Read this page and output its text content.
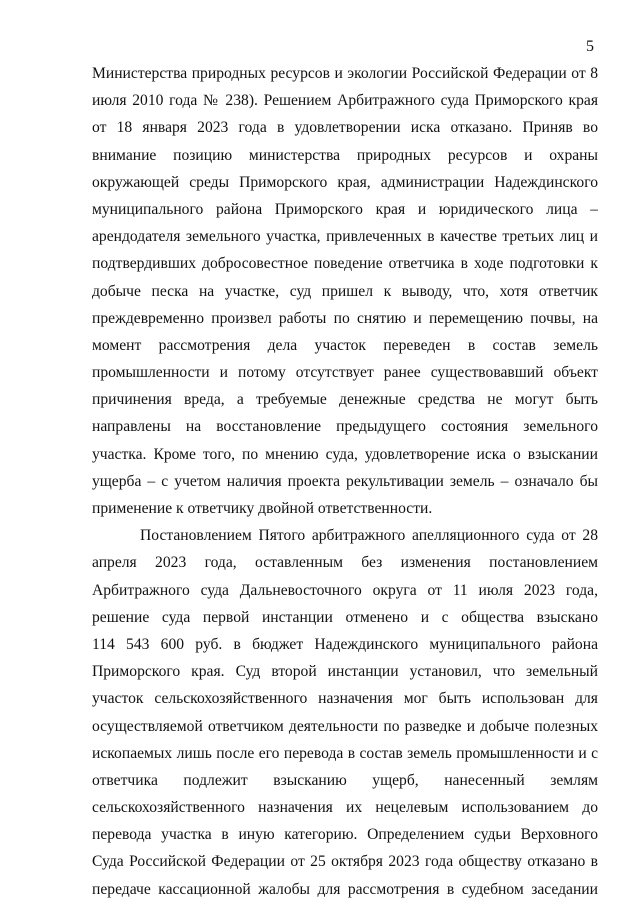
5
Министерства природных ресурсов и экологии Российской Федерации от 8
июля 2010 года № 238). Решением Арбитражного суда Приморского края
от 18 января 2023 года в удовлетворении иска отказано. Приняв во
внимание позицию министерства природных ресурсов и охраны
окружающей среды Приморского края, администрации Надеждинского
муниципального района Приморского края и юридического лица –
арендодателя земельного участка, привлеченных в качестве третьих лиц и
подтвердивших добросовестное поведение ответчика в ходе подготовки к
добыче песка на участке, суд пришел к выводу, что, хотя ответчик
преждевременно произвел работы по снятию и перемещению почвы, на
момент рассмотрения дела участок переведен в состав земель
промышленности и потому отсутствует ранее существовавший объект
причинения вреда, а требуемые денежные средства не могут быть
направлены на восстановление предыдущего состояния земельного
участка. Кроме того, по мнению суда, удовлетворение иска о взыскании
ущерба – с учетом наличия проекта рекультивации земель – означало бы
применение к ответчику двойной ответственности.
Постановлением Пятого арбитражного апелляционного суда от 28
апреля 2023 года, оставленным без изменения постановлением
Арбитражного суда Дальневосточного округа от 11 июля 2023 года,
решение суда первой инстанции отменено и с общества взыскано
114 543 600 руб. в бюджет Надеждинского муниципального района
Приморского края. Суд второй инстанции установил, что земельный
участок сельскохозяйственного назначения мог быть использован для
осуществляемой ответчиком деятельности по разведке и добыче полезных
ископаемых лишь после его перевода в состав земель промышленности и с
ответчика подлежит взысканию ущерб, нанесенный землям
сельскохозяйственного назначения их нецелевым использованием до
перевода участка в иную категорию. Определением судьи Верховного
Суда Российской Федерации от 25 октября 2023 года обществу отказано в
передаче кассационной жалобы для рассмотрения в судебном заседании
